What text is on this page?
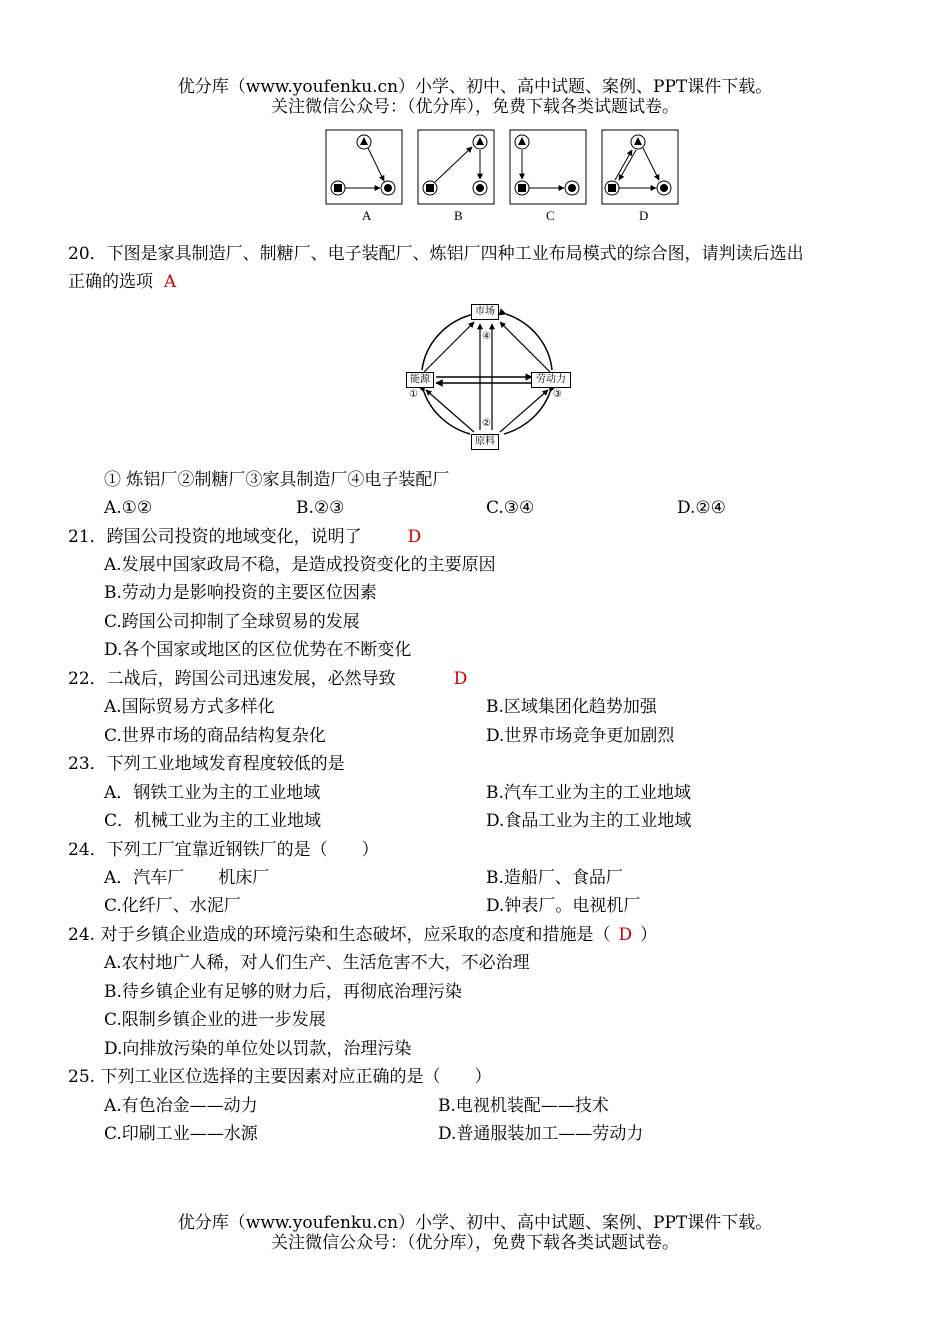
优分库（www.youfenku.cn）小学、初中、高中试题、案例、PPT课件下载。
关注微信公众号：（优分库），免费下载各类试题试卷。
A	B	C	D
20．下图是家具制造厂、制糖厂、电子装配厂、炼铝厂四种工业布局模式的综合图，请判读后选出
正确的选项 A
市场
能源	劳动力
原料
①
②
③
④
① 炼铝厂②制糖厂③家具制造厂④电子装配厂
A.①②	B.②③	C.③④	D.②④
21．跨国公司投资的地域变化，说明了	D
A.发展中国家政局不稳，是造成投资变化的主要原因
B.劳动力是影响投资的主要区位因素
C.跨国公司抑制了全球贸易的发展
D.各个国家或地区的区位优势在不断变化
22．二战后，跨国公司迅速发展，必然导致	D
A.国际贸易方式多样化	B.区域集团化趋势加强
C.世界市场的商品结构复杂化	D.世界市场竞争更加剧烈
23．下列工业地域发育程度较低的是
A．钢铁工业为主的工业地域	B.汽车工业为主的工业地域
C．机械工业为主的工业地域	D.食品工业为主的工业地域
24．下列工厂宜靠近钢铁厂的是（　　）
A．汽车厂　　机床厂	B.造船厂、食品厂
C.化纤厂、水泥厂	D.钟表厂。电视机厂
24. 对于乡镇企业造成的环境污染和生态破坏，应采取的态度和措施是（ D ）
A.农村地广人稀，对人们生产、生活危害不大，不必治理
B.待乡镇企业有足够的财力后，再彻底治理污染
C.限制乡镇企业的进一步发展
D.向排放污染的单位处以罚款，治理污染
25. 下列工业区位选择的主要因素对应正确的是（　　）
A.有色冶金——动力	B.电视机装配——技术
C.印刷工业——水源	D.普通服装加工——劳动力
优分库（www.youfenku.cn）小学、初中、高中试题、案例、PPT课件下载。
关注微信公众号：（优分库），免费下载各类试题试卷。
